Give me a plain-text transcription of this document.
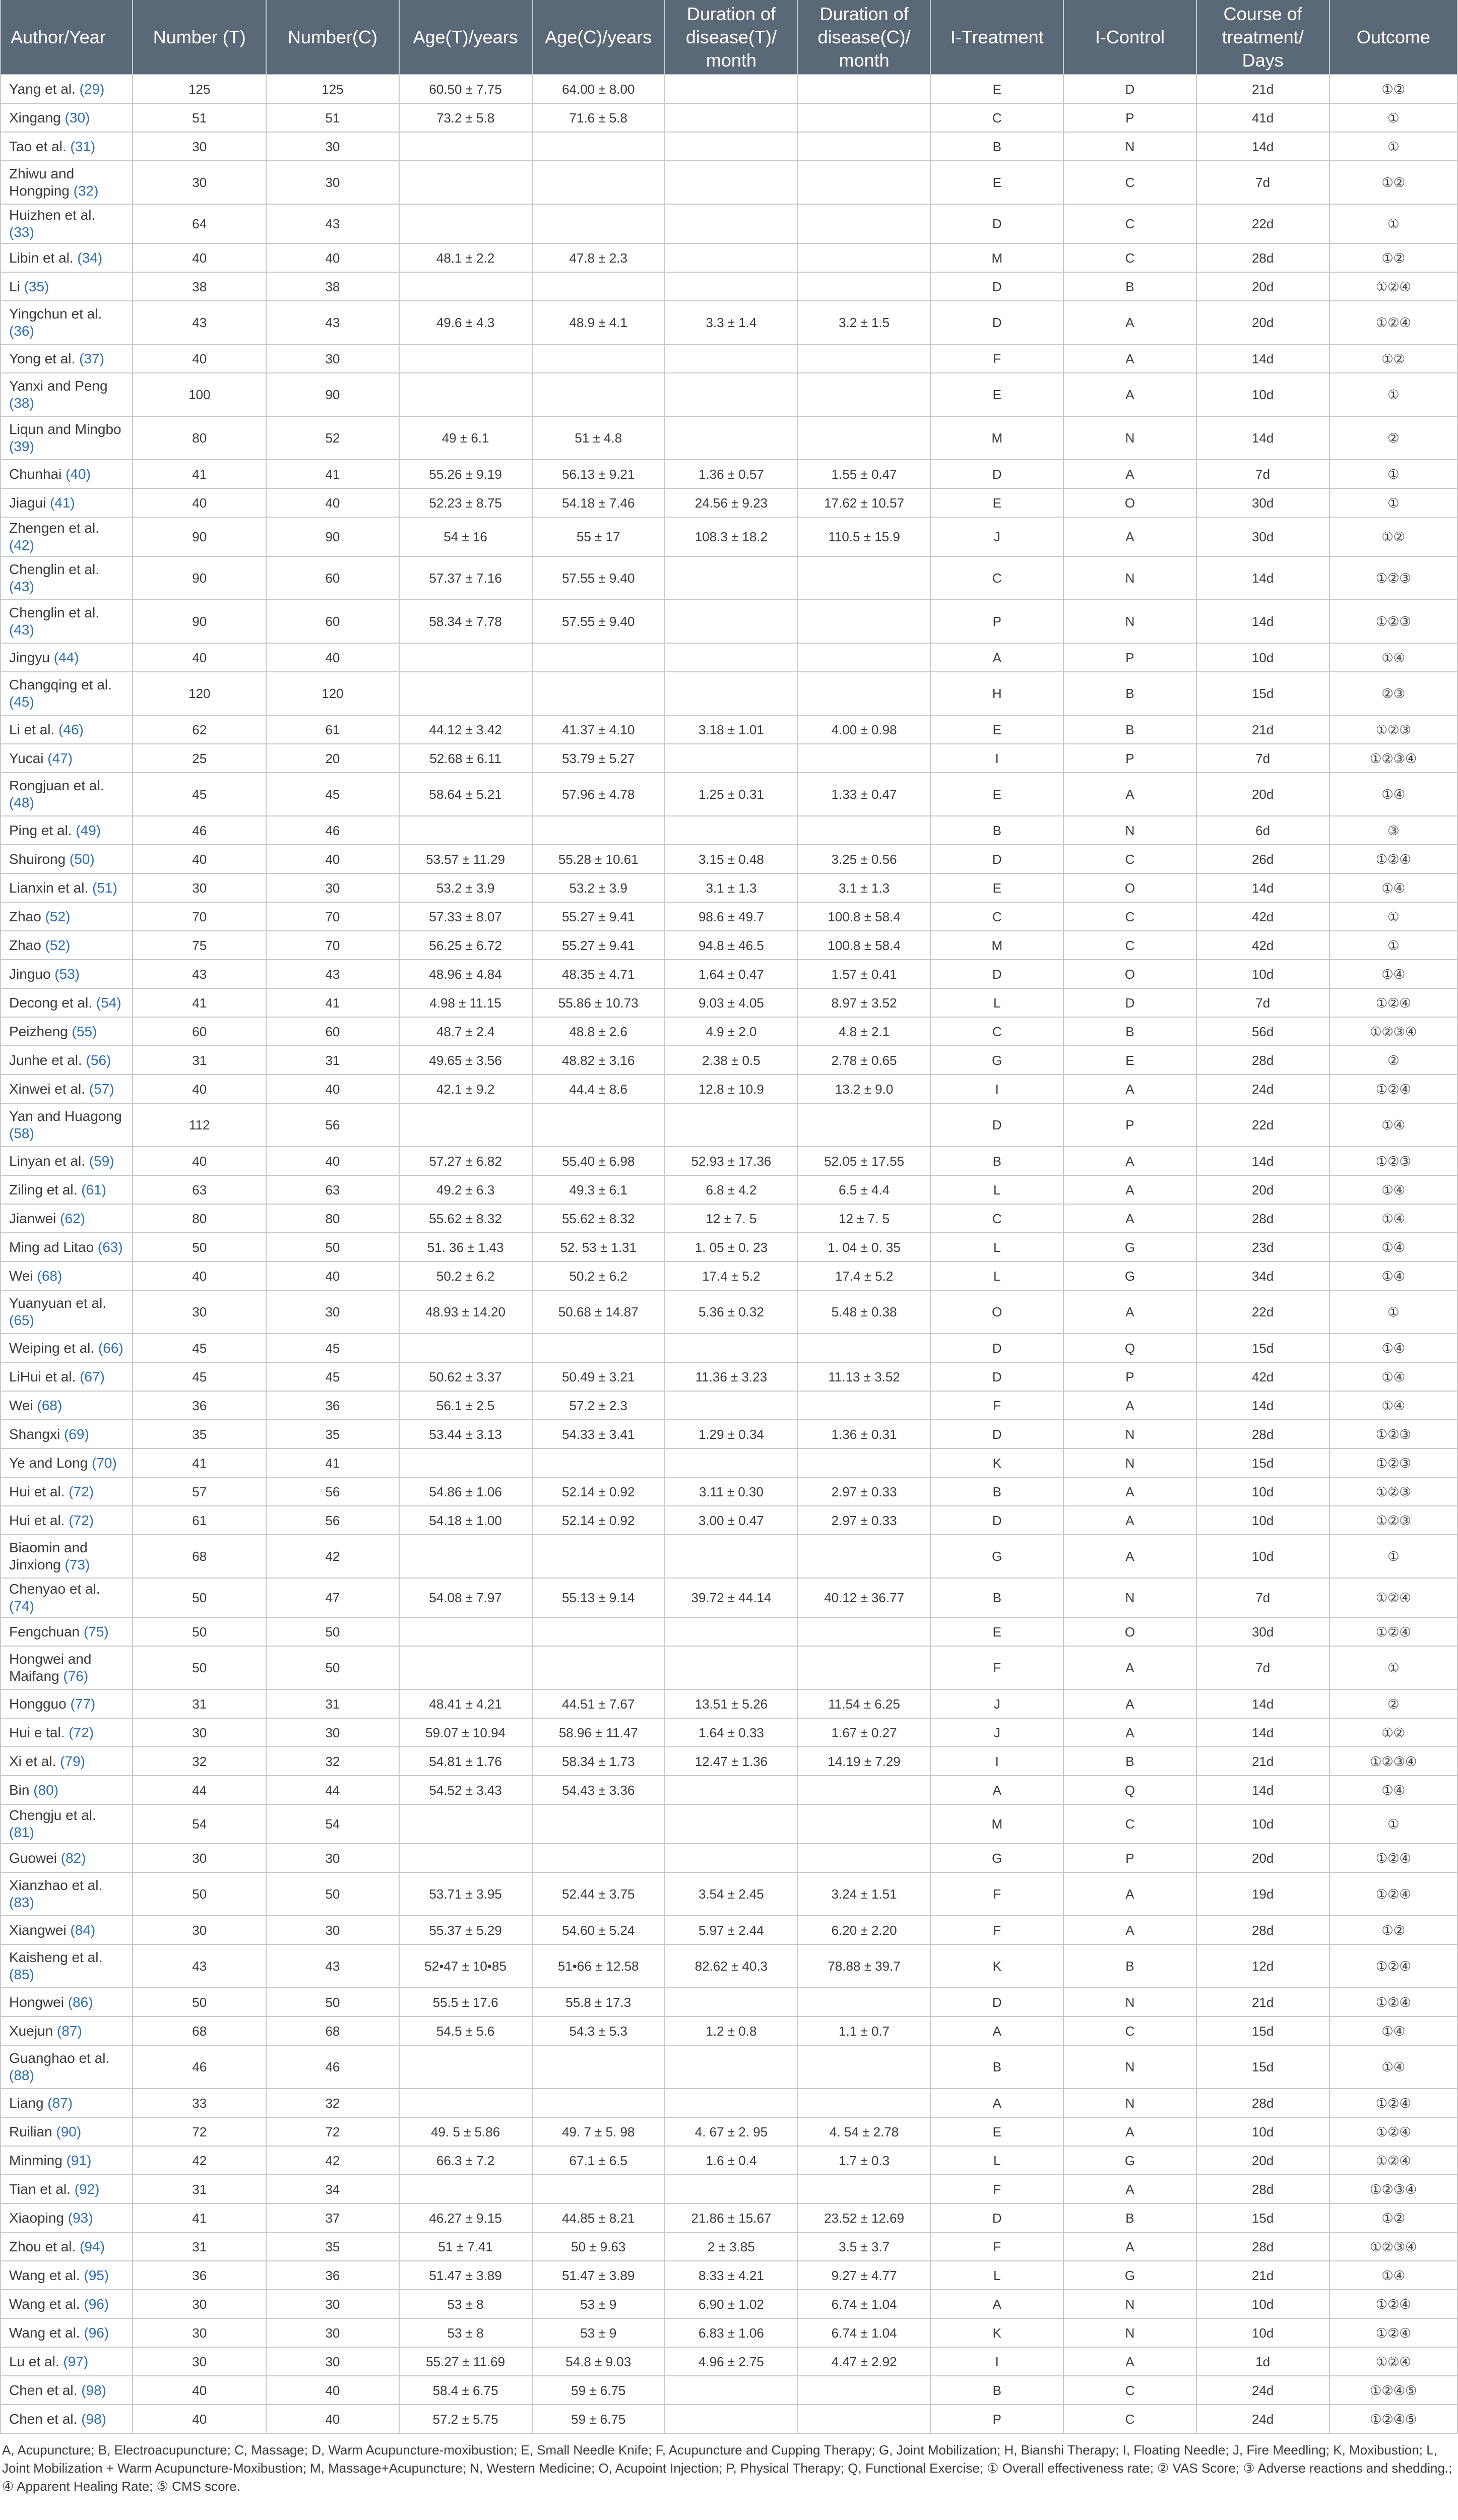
Author/Year	Number (T)	Number(C)	Age(T)/years	Age(C)/years	Duration of disease(T)/ month	Duration of disease(C)/ month	I-Treatment	I-Control	Course of treatment/ Days	Outcome
Yang et al. (29)	125	125	60.50 ± 7.75	64.00 ± 8.00			E	D	21d	①②
Xingang (30)	51	51	73.2 ± 5.8	71.6 ± 5.8			C	P	41d	①
Tao et al. (31)	30	30					B	N	14d	①
Zhiwu and Hongping (32)	30	30					E	C	7d	①②
Huizhen et al. (33)	64	43					D	C	22d	①
Libin et al. (34)	40	40	48.1 ± 2.2	47.8 ± 2.3			M	C	28d	①②
Li (35)	38	38					D	B	20d	①②④
Yingchun et al. (36)	43	43	49.6 ± 4.3	48.9 ± 4.1	3.3 ± 1.4	3.2 ± 1.5	D	A	20d	①②④
Yong et al. (37)	40	30					F	A	14d	①②
Yanxi and Peng (38)	100	90					E	A	10d	①
Liqun and Mingbo (39)	80	52	49 ± 6.1	51 ± 4.8			M	N	14d	②
Chunhai (40)	41	41	55.26 ± 9.19	56.13 ± 9.21	1.36 ± 0.57	1.55 ± 0.47	D	A	7d	①
Jiagui (41)	40	40	52.23 ± 8.75	54.18 ± 7.46	24.56 ± 9.23	17.62 ± 10.57	E	O	30d	①
Zhengen et al. (42)	90	90	54 ± 16	55 ± 17	108.3 ± 18.2	110.5 ± 15.9	J	A	30d	①②
Chenglin et al. (43)	90	60	57.37 ± 7.16	57.55 ± 9.40			C	N	14d	①②③
Chenglin et al. (43)	90	60	58.34 ± 7.78	57.55 ± 9.40			P	N	14d	①②③
Jingyu (44)	40	40					A	P	10d	①④
Changqing et al. (45)	120	120					H	B	15d	②③
Li et al. (46)	62	61	44.12 ± 3.42	41.37 ± 4.10	3.18 ± 1.01	4.00 ± 0.98	E	B	21d	①②③
Yucai (47)	25	20	52.68 ± 6.11	53.79 ± 5.27			I	P	7d	①②③④
Rongjuan et al. (48)	45	45	58.64 ± 5.21	57.96 ± 4.78	1.25 ± 0.31	1.33 ± 0.47	E	A	20d	①④
Ping et al. (49)	46	46					B	N	6d	③
Shuirong (50)	40	40	53.57 ± 11.29	55.28 ± 10.61	3.15 ± 0.48	3.25 ± 0.56	D	C	26d	①②④
Lianxin et al. (51)	30	30	53.2 ± 3.9	53.2 ± 3.9	3.1 ± 1.3	3.1 ± 1.3	E	O	14d	①④
Zhao (52)	70	70	57.33 ± 8.07	55.27 ± 9.41	98.6 ± 49.7	100.8 ± 58.4	C	C	42d	①
Zhao (52)	75	70	56.25 ± 6.72	55.27 ± 9.41	94.8 ± 46.5	100.8 ± 58.4	M	C	42d	①
Jinguo (53)	43	43	48.96 ± 4.84	48.35 ± 4.71	1.64 ± 0.47	1.57 ± 0.41	D	O	10d	①④
Decong et al. (54)	41	41	4.98 ± 11.15	55.86 ± 10.73	9.03 ± 4.05	8.97 ± 3.52	L	D	7d	①②④
Peizheng (55)	60	60	48.7 ± 2.4	48.8 ± 2.6	4.9 ± 2.0	4.8 ± 2.1	C	B	56d	①②③④
Junhe et al. (56)	31	31	49.65 ± 3.56	48.82 ± 3.16	2.38 ± 0.5	2.78 ± 0.65	G	E	28d	②
Xinwei et al. (57)	40	40	42.1 ± 9.2	44.4 ± 8.6	12.8 ± 10.9	13.2 ± 9.0	I	A	24d	①②④
Yan and Huagong (58)	112	56					D	P	22d	①④
Linyan et al. (59)	40	40	57.27 ± 6.82	55.40 ± 6.98	52.93 ± 17.36	52.05 ± 17.55	B	A	14d	①②③
Ziling et al. (61)	63	63	49.2 ± 6.3	49.3 ± 6.1	6.8 ± 4.2	6.5 ± 4.4	L	A	20d	①④
Jianwei (62)	80	80	55.62 ± 8.32	55.62 ± 8.32	12 ± 7. 5	12 ± 7. 5	C	A	28d	①④
Ming ad Litao (63)	50	50	51. 36 ± 1.43	52. 53 ± 1.31	1. 05 ± 0. 23	1. 04 ± 0. 35	L	G	23d	①④
Wei (68)	40	40	50.2 ± 6.2	50.2 ± 6.2	17.4 ± 5.2	17.4 ± 5.2	L	G	34d	①④
Yuanyuan et al. (65)	30	30	48.93 ± 14.20	50.68 ± 14.87	5.36 ± 0.32	5.48 ± 0.38	O	A	22d	①
Weiping et al. (66)	45	45					D	Q	15d	①④
LiHui et al. (67)	45	45	50.62 ± 3.37	50.49 ± 3.21	11.36 ± 3.23	11.13 ± 3.52	D	P	42d	①④
Wei (68)	36	36	56.1 ± 2.5	57.2 ± 2.3			F	A	14d	①④
Shangxi (69)	35	35	53.44 ± 3.13	54.33 ± 3.41	1.29 ± 0.34	1.36 ± 0.31	D	N	28d	①②③
Ye and Long (70)	41	41					K	N	15d	①②③
Hui et al. (72)	57	56	54.86 ± 1.06	52.14 ± 0.92	3.11 ± 0.30	2.97 ± 0.33	B	A	10d	①②③
Hui et al. (72)	61	56	54.18 ± 1.00	52.14 ± 0.92	3.00 ± 0.47	2.97 ± 0.33	D	A	10d	①②③
Biaomin and Jinxiong (73)	68	42					G	A	10d	①
Chenyao et al. (74)	50	47	54.08 ± 7.97	55.13 ± 9.14	39.72 ± 44.14	40.12 ± 36.77	B	N	7d	①②④
Fengchuan (75)	50	50					E	O	30d	①②④
Hongwei and Maifang (76)	50	50					F	A	7d	①
Hongguo (77)	31	31	48.41 ± 4.21	44.51 ± 7.67	13.51 ± 5.26	11.54 ± 6.25	J	A	14d	②
Hui e tal. (72)	30	30	59.07 ± 10.94	58.96 ± 11.47	1.64 ± 0.33	1.67 ± 0.27	J	A	14d	①②
Xi et al. (79)	32	32	54.81 ± 1.76	58.34 ± 1.73	12.47 ± 1.36	14.19 ± 7.29	I	B	21d	①②③④
Bin (80)	44	44	54.52 ± 3.43	54.43 ± 3.36			A	Q	14d	①④
Chengju et al. (81)	54	54					M	C	10d	①
Guowei (82)	30	30					G	P	20d	①②④
Xianzhao et al. (83)	50	50	53.71 ± 3.95	52.44 ± 3.75	3.54 ± 2.45	3.24 ± 1.51	F	A	19d	①②④
Xiangwei (84)	30	30	55.37 ± 5.29	54.60 ± 5.24	5.97 ± 2.44	6.20 ± 2.20	F	A	28d	①②
Kaisheng et al. (85)	43	43	52•47 ± 10•85	51•66 ± 12.58	82.62 ± 40.3	78.88 ± 39.7	K	B	12d	①②④
Hongwei (86)	50	50	55.5 ± 17.6	55.8 ± 17.3			D	N	21d	①②④
Xuejun (87)	68	68	54.5 ± 5.6	54.3 ± 5.3	1.2 ± 0.8	1.1 ± 0.7	A	C	15d	①④
Guanghao et al. (88)	46	46					B	N	15d	①④
Liang (87)	33	32					A	N	28d	①②④
Ruilian (90)	72	72	49. 5 ± 5.86	49. 7 ± 5. 98	4. 67 ± 2. 95	4. 54 ± 2.78	E	A	10d	①②④
Minming (91)	42	42	66.3 ± 7.2	67.1 ± 6.5	1.6 ± 0.4	1.7 ± 0.3	L	G	20d	①②④
Tian et al. (92)	31	34					F	A	28d	①②③④
Xiaoping (93)	41	37	46.27 ± 9.15	44.85 ± 8.21	21.86 ± 15.67	23.52 ± 12.69	D	B	15d	①②
Zhou et al. (94)	31	35	51 ± 7.41	50 ± 9.63	2 ± 3.85	3.5 ± 3.7	F	A	28d	①②③④
Wang et al. (95)	36	36	51.47 ± 3.89	51.47 ± 3.89	8.33 ± 4.21	9.27 ± 4.77	L	G	21d	①④
Wang et al. (96)	30	30	53 ± 8	53 ± 9	6.90 ± 1.02	6.74 ± 1.04	A	N	10d	①②④
Wang et al. (96)	30	30	53 ± 8	53 ± 9	6.83 ± 1.06	6.74 ± 1.04	K	N	10d	①②④
Lu et al. (97)	30	30	55.27 ± 11.69	54.8 ± 9.03	4.96 ± 2.75	4.47 ± 2.92	I	A	1d	①②④
Chen et al. (98)	40	40	58.4 ± 6.75	59 ± 6.75			B	C	24d	①②④⑤
Chen et al. (98)	40	40	57.2 ± 5.75	59 ± 6.75			P	C	24d	①②④⑤
A, Acupuncture; B, Electroacupuncture; C, Massage; D, Warm Acupuncture-moxibustion; E, Small Needle Knife; F, Acupuncture and Cupping Therapy; G, Joint Mobilization; H, Bianshi Therapy; I, Floating Needle; J, Fire Meedling; K, Moxibustion; L, Joint Mobilization + Warm Acupuncture-Moxibustion; M, Massage+Acupuncture; N, Western Medicine; O, Acupoint Injection; P, Physical Therapy; Q, Functional Exercise; ① Overall effectiveness rate; ② VAS Score; ③ Adverse reactions and shedding.; ④ Apparent Healing Rate; ⑤ CMS score.
